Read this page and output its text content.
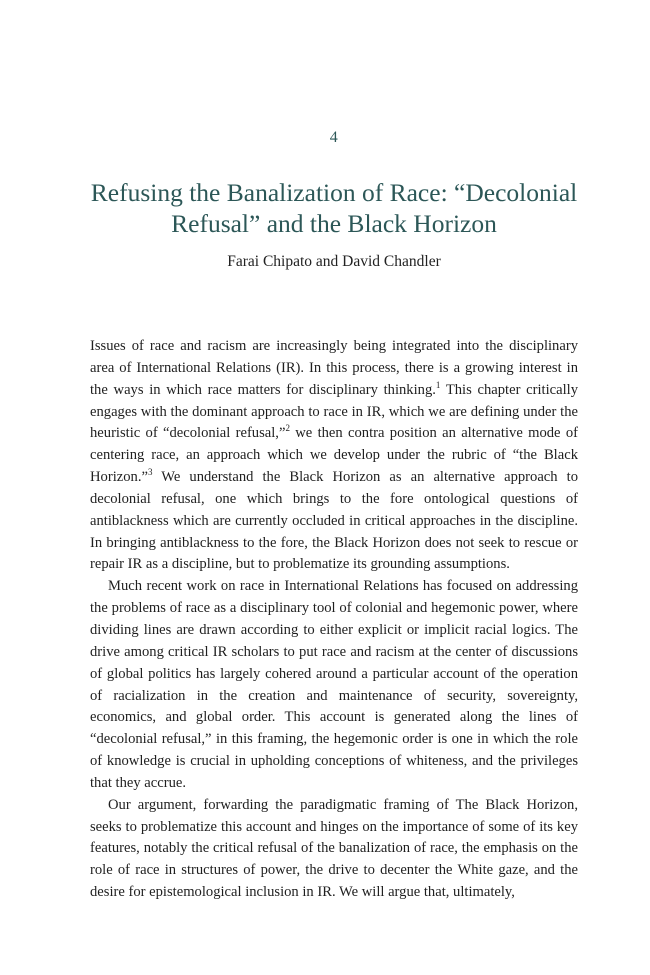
4
Refusing the Banalization of Race: “Decolonial
Refusal” and the Black Horizon
Farai Chipato and David Chandler

Issues of race and racism are increasingly being integrated into the disciplinary area of International Relations (IR). In this process, there is a growing interest in the ways in which race matters for disciplinary thinking.$^1$ This chapter critically engages with the dominant approach to race in IR, which we are defining under the heuristic of “decolonial refusal,”$^2$ we then contra position an alternative mode of centering race, an approach which we develop under the rubric of “the Black Horizon.”$^3$ We understand the Black Horizon as an alternative approach to decolonial refusal, one which brings to the fore ontological questions of antiblackness which are currently occluded in critical approaches in the discipline. In bringing antiblackness to the fore, the Black Horizon does not seek to rescue or repair IR as a discipline, but to problematize its grounding assumptions.

Much recent work on race in International Relations has focused on addressing the problems of race as a disciplinary tool of colonial and hegemonic power, where dividing lines are drawn according to either explicit or implicit racial logics. The drive among critical IR scholars to put race and racism at the center of discussions of global politics has largely cohered around a particular account of the operation of racialization in the creation and maintenance of security, sovereignty, economics, and global order. This account is generated along the lines of “decolonial refusal,” in this framing, the hegemonic order is one in which the role of knowledge is crucial in upholding conceptions of whiteness, and the privileges that they accrue.

Our argument, forwarding the paradigmatic framing of The Black Horizon, seeks to problematize this account and hinges on the importance of some of its key features, notably the critical refusal of the banalization of race, the emphasis on the role of race in structures of power, the drive to decenter the White gaze, and the desire for epistemological inclusion in IR. We will argue that, ultimately,
